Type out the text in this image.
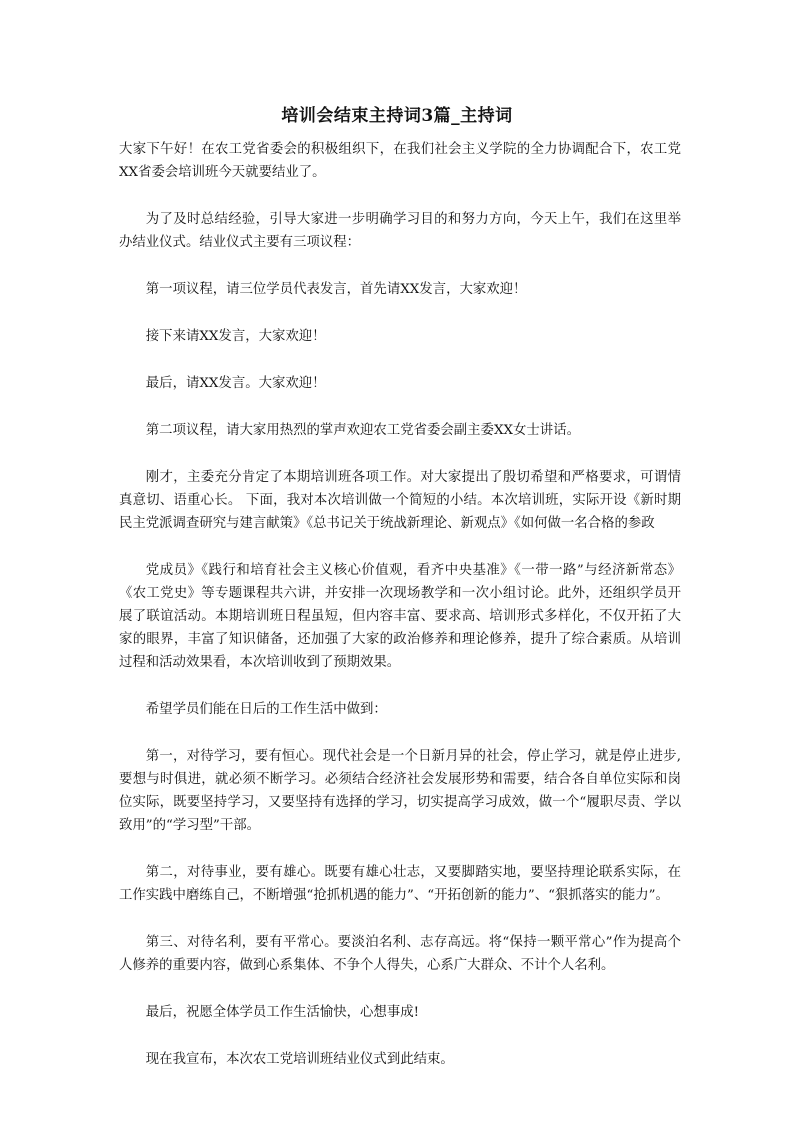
培训会结束主持词3篇_主持词

大家下午好！在农工党省委会的积极组织下，在我们社会主义学院的全力协调配合下，农工党XX省委会培训班今天就要结业了。

为了及时总结经验，引导大家进一步明确学习目的和努力方向，今天上午，我们在这里举办结业仪式。结业仪式主要有三项议程：

第一项议程，请三位学员代表发言，首先请XX发言，大家欢迎！

接下来请XX发言，大家欢迎！

最后，请XX发言。大家欢迎！

第二项议程，请大家用热烈的掌声欢迎农工党省委会副主委XX女士讲话。

刚才，主委充分肯定了本期培训班各项工作。对大家提出了殷切希望和严格要求，可谓情真意切、语重心长。 下面，我对本次培训做一个简短的小结。本次培训班，实际开设《新时期民主党派调查研究与建言献策》《总书记关于统战新理论、新观点》《如何做一名合格的参政

党成员》《践行和培育社会主义核心价值观，看齐中央基准》《一带一路”与经济新常态》《农工党史》等专题课程共六讲，并安排一次现场教学和一次小组讨论。此外，还组织学员开展了联谊活动。本期培训班日程虽短，但内容丰富、要求高、培训形式多样化，不仅开拓了大家的眼界，丰富了知识储备，还加强了大家的政治修养和理论修养，提升了综合素质。从培训过程和活动效果看，本次培训收到了预期效果。

希望学员们能在日后的工作生活中做到：

第一，对待学习，要有恒心。现代社会是一个日新月异的社会，停止学习，就是停止进步,要想与时俱进，就必须不断学习。必须结合经济社会发展形势和需要，结合各自单位实际和岗位实际，既要坚持学习，又要坚持有选择的学习，切实提高学习成效，做一个“履职尽责、学以致用”的“学习型”干部。

第二，对待事业，要有雄心。既要有雄心壮志，又要脚踏实地，要坚持理论联系实际，在工作实践中磨练自己，不断增强“抢抓机遇的能力”、“开拓创新的能力”、“狠抓落实的能力”。

第三、对待名利，要有平常心。要淡泊名利、志存高远。将“保持一颗平常心”作为提高个人修养的重要内容，做到心系集体、不争个人得失，心系广大群众、不计个人名利。

最后，祝愿全体学员工作生活愉快，心想事成!

现在我宣布，本次农工党培训班结业仪式到此结束。
